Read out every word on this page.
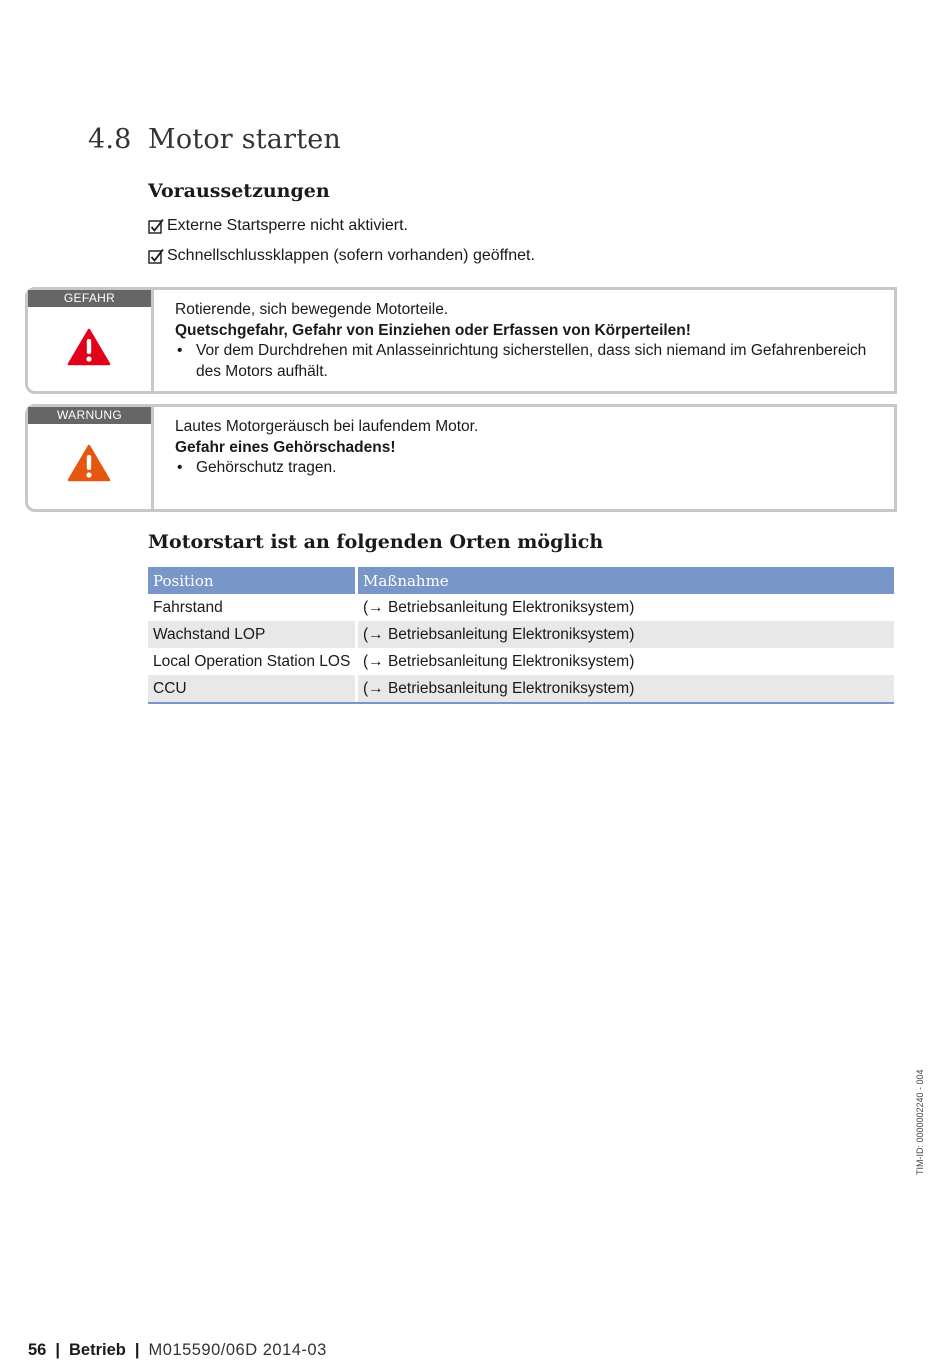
4.8 Motor starten
Voraussetzungen
Externe Startsperre nicht aktiviert.
Schnellschlussklappen (sofern vorhanden) geöffnet.
GEFAHR
Rotierende, sich bewegende Motorteile.
Quetschgefahr, Gefahr von Einziehen oder Erfassen von Körperteilen!
• Vor dem Durchdrehen mit Anlasseinrichtung sicherstellen, dass sich niemand im Gefahrenbereich des Motors aufhält.
WARNUNG
Lautes Motorgeräusch bei laufendem Motor.
Gefahr eines Gehörschadens!
• Gehörschutz tragen.
Motorstart ist an folgenden Orten möglich
Position	Maßnahme
Fahrstand	(→ Betriebsanleitung Elektroniksystem)
Wachstand LOP	(→ Betriebsanleitung Elektroniksystem)
Local Operation Station LOS	(→ Betriebsanleitung Elektroniksystem)
CCU	(→ Betriebsanleitung Elektroniksystem)
TIM-ID: 0000002240 - 004
56 | Betrieb | M015590/06D 2014-03
